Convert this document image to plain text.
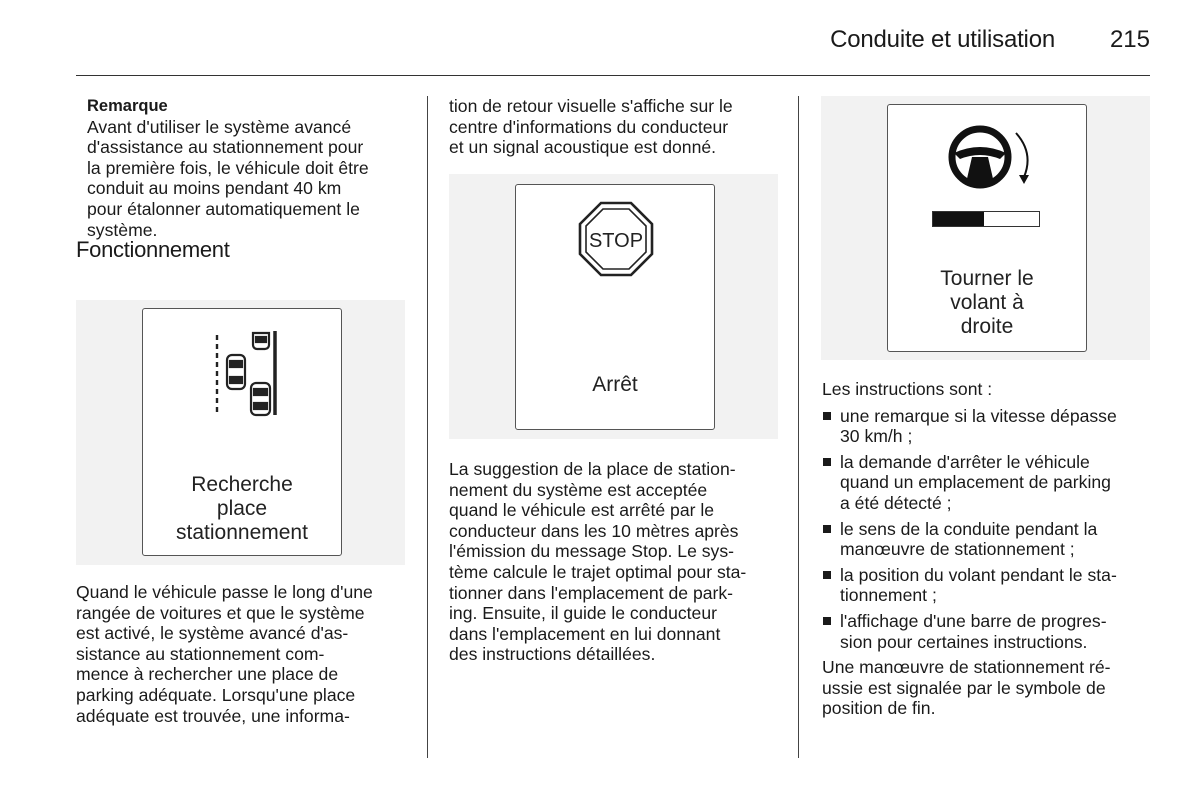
Conduite et utilisation	215

Remarque

Avant d'utiliser le système avancé

d'assistance au stationnement pour

la première fois, le véhicule doit être

conduit au moins pendant 40 km

pour étalonner automatiquement le

système.

Fonctionnement

Recherche
place
stationnement

Quand le véhicule passe le long d'une

rangée de voitures et que le système

est activé, le système avancé d'as-

sistance au stationnement com-

mence à rechercher une place de

parking adéquate. Lorsqu'une place

adéquate est trouvée, une informa-

tion de retour visuelle s'affiche sur le

centre d'informations du conducteur

et un signal acoustique est donné.

STOP
Arrêt

La suggestion de la place de station-

nement du système est acceptée

quand le véhicule est arrêté par le

conducteur dans les 10 mètres après

l'émission du message Stop. Le sys-

tème calcule le trajet optimal pour sta-

tionner dans l'emplacement de park-

ing. Ensuite, il guide le conducteur

dans l'emplacement en lui donnant

des instructions détaillées.

Tourner le
volant à
droite

Les instructions sont :

une remarque si la vitesse dépasse
30 km/h ;
la demande d'arrêter le véhicule
quand un emplacement de parking
a été détecté ;
le sens de la conduite pendant la
manœuvre de stationnement ;
la position du volant pendant le sta-
tionnement ;
l'affichage d'une barre de progres-
sion pour certaines instructions.

Une manœuvre de stationnement ré-

ussie est signalée par le symbole de

position de fin.
